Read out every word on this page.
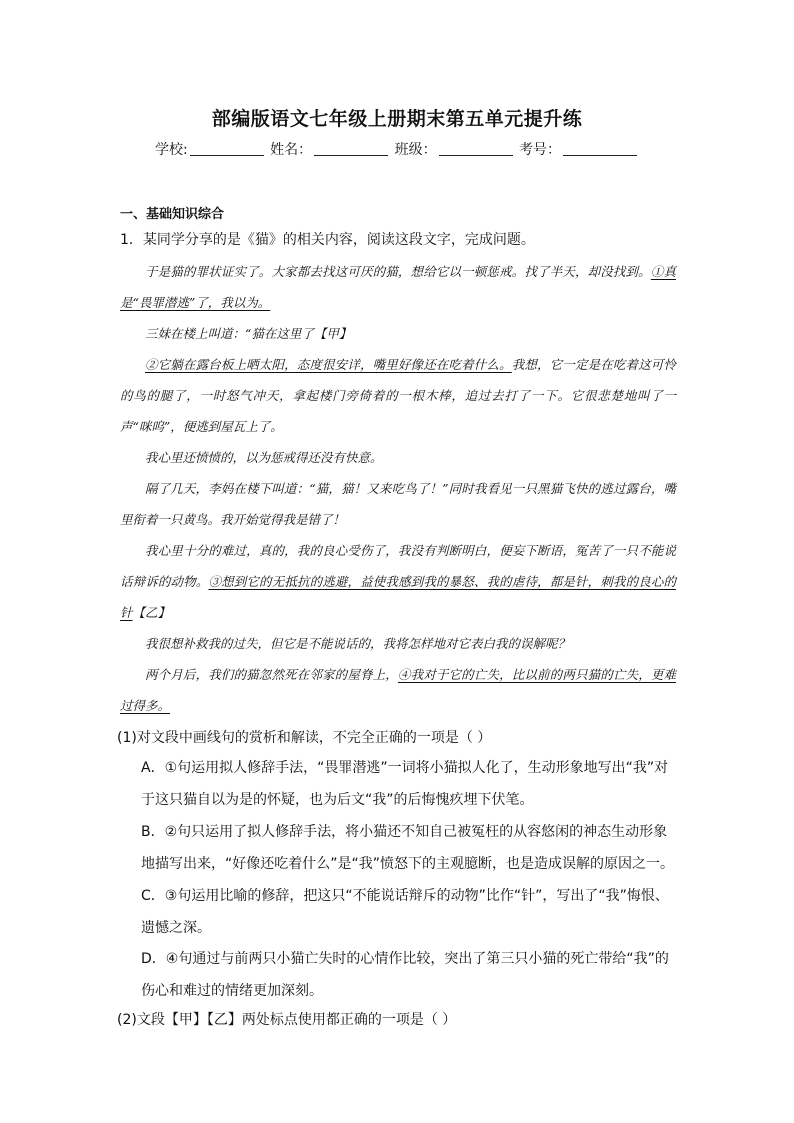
部编版语文七年级上册期末第五单元提升练
学校:	姓名：	班级：	考号：
一、基础知识综合
1．某同学分享的是《猫》的相关内容，阅读这段文字，完成问题。

于是猫的罪状证实了。大家都去找这可厌的猫，想给它以一顿惩戒。找了半天，却没找到。①真是“畏罪潜逃”了，我以为。

三妹在楼上叫道：“猫在这里了【甲】

②它躺在露台板上晒太阳，态度很安详，嘴里好像还在吃着什么。我想，它一定是在吃着这可怜的鸟的腿了，一时怒气冲天，拿起楼门旁倚着的一根木棒，追过去打了一下。它很悲楚地叫了一声“咪呜”，便逃到屋瓦上了。

我心里还愤愤的，以为惩戒得还没有快意。

隔了几天，李妈在楼下叫道：“猫，猫！又来吃鸟了！”同时我看见一只黑猫飞快的逃过露台，嘴里衔着一只黄鸟。我开始觉得我是错了！

我心里十分的难过，真的，我的良心受伤了，我没有判断明白，便妄下断语，冤苦了一只不能说话辩诉的动物。③想到它的无抵抗的逃避，益使我感到我的暴怒、我的虐待，都是针，刺我的良心的针【乙】

我很想补救我的过失，但它是不能说话的，我将怎样地对它表白我的误解呢？

两个月后，我们的猫忽然死在邻家的屋脊上，④我对于它的亡失，比以前的两只猫的亡失，更难过得多。

(1)对文段中画线句的赏析和解读，不完全正确的一项是（ ）
A．①句运用拟人修辞手法，“畏罪潜逃”一词将小猫拟人化了，生动形象地写出“我”对于这只猫自以为是的怀疑，也为后文“我”的后悔愧疚埋下伏笔。
B．②句只运用了拟人修辞手法，将小猫还不知自己被冤枉的从容悠闲的神态生动形象地描写出来，“好像还吃着什么”是“我”愤怒下的主观臆断，也是造成误解的原因之一。
C．③句运用比喻的修辞，把这只“不能说话辩斥的动物”比作“针”，写出了“我”悔恨、遗憾之深。
D．④句通过与前两只小猫亡失时的心情作比较，突出了第三只小猫的死亡带给“我”的伤心和难过的情绪更加深刻。
(2)文段【甲】【乙】两处标点使用都正确的一项是（ ）
